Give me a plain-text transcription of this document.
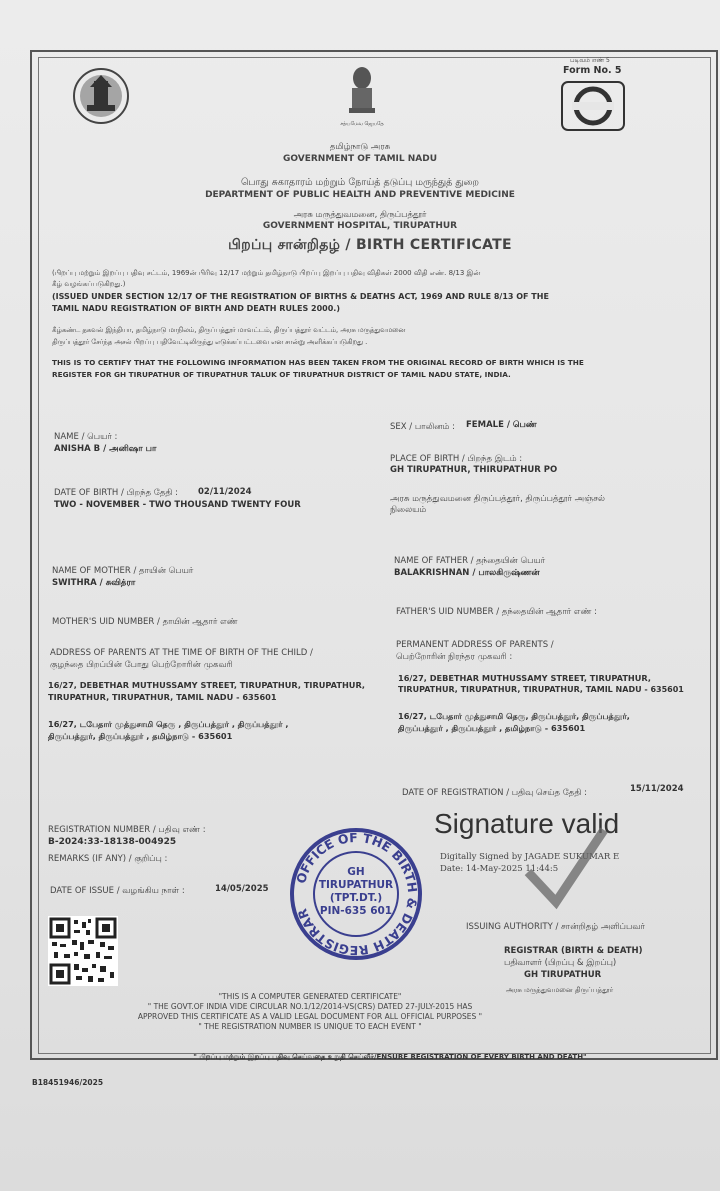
சத்யமேவ ஜெயதே
படிவம் எண் 5
Form No. 5
தமிழ்நாடு அரசு
GOVERNMENT OF TAMIL NADU
பொது சுகாதாரம் மற்றும் நோய்த் தடுப்பு மருந்துத் துறை
DEPARTMENT OF PUBLIC HEALTH AND PREVENTIVE MEDICINE
அரசு மருத்துவமனை, திருப்பத்தூர்
GOVERNMENT HOSPITAL, TIRUPATHUR
பிறப்பு சான்றிதழ் / BIRTH CERTIFICATE
(பிறப்பு மற்றும் இறப்பு பதிவு சட்டம், 1969ன் பிரிவு 12/17 மற்றும் தமிழ்நாடு பிறப்பு இறப்பு பதிவு விதிகள் 2000 விதி எண். 8/13 இன்
கீழ் வழங்கப்படுகிறது.)
(ISSUED UNDER SECTION 12/17 OF THE REGISTRATION OF BIRTHS & DEATHS ACT, 1969 AND RULE 8/13 OF THE
TAMIL NADU REGISTRATION OF BIRTH AND DEATH RULES 2000.)
கீழ்கண்ட தகவல் இந்தியா, தமிழ்நாடு மாநிலம், திருப்பத்தூர் மாவட்டம், திருப்பத்தூர் வட்டம், அரசு மருத்துவமனை
திருப்பத்தூர் சேர்ந்த அசல் பிறப்பு பதிவேட்டிலிருந்து எடுக்கப்பட்டவை என சான்று அளிக்கப்படுகிறது .
THIS IS TO CERTIFY THAT THE FOLLOWING INFORMATION HAS BEEN TAKEN FROM THE ORIGINAL RECORD OF BIRTH WHICH IS THE
REGISTER FOR GH TIRUPATHUR OF TIRUPATHUR TALUK OF TIRUPATHUR DISTRICT OF TAMIL NADU STATE, INDIA.
NAME / பெயர் :
ANISHA B / அனிஷா பா
SEX / பாலினம் : FEMALE / பெண்
PLACE OF BIRTH / பிறந்த இடம் :
GH TIRUPATHUR, THIRUPATHUR PO
அரசு மருத்துவமனை திருப்பத்தூர், திருப்பத்தூர் அஞ்சல்
நிலையம்
DATE OF BIRTH / பிறந்த தேதி : 02/11/2024
TWO - NOVEMBER - TWO THOUSAND TWENTY FOUR
NAME OF MOTHER / தாயின் பெயர்
SWITHRA / சுவித்ரா
NAME OF FATHER / தந்தையின் பெயர்
BALAKRISHNAN / பாலகிருஷ்ணன்
MOTHER'S UID NUMBER / தாயின் ஆதார் எண்
FATHER'S UID NUMBER / தந்தையின் ஆதார் எண் :
ADDRESS OF PARENTS AT THE TIME OF BIRTH OF THE CHILD /
குழந்தை பிறப்பின் போது பெற்றோரின் முகவரி
16/27, DEBETHAR MUTHUSSAMY STREET, TIRUPATHUR, TIRUPATHUR,
TIRUPATHUR, TIRUPATHUR, TAMIL NADU - 635601
16/27, டபேதார் முத்துசாமி தெரு , திருப்பத்தூர் , திருப்பத்தூர் ,
திருப்பத்தூர், திருப்பத்தூர் , தமிழ்நாடு - 635601
PERMANENT ADDRESS OF PARENTS /
பெற்றோரின் நிரந்தர முகவரி :
16/27, DEBETHAR MUTHUSSAMY STREET, TIRUPATHUR,
TIRUPATHUR, TIRUPATHUR, TIRUPATHUR, TAMIL NADU - 635601
16/27, டபேதார் முத்துசாமி தெரு, திருப்பத்தூர், திருப்பத்தூர்,
திருப்பத்தூர் , திருப்பத்தூர் , தமிழ்நாடு - 635601
DATE OF REGISTRATION / பதிவு செய்த தேதி :	15/11/2024
REGISTRATION NUMBER / பதிவு எண் :
B-2024:33-18138-004925
REMARKS (IF ANY) / குறிப்பு :
DATE OF ISSUE / வழங்கிய நாள் :	14/05/2025
OFFICE OF THE BIRTH & DEATH REGISTRAR
GH
TIRUPATHUR
(TPT.DT.)
PIN-635 601
Signature valid
Digitally Signed by JAGADE SUKUMAR E
Date: 14-May-2025 11:44:5
ISSUING AUTHORITY / சான்றிதழ் அளிப்பவர்
REGISTRAR (BIRTH & DEATH)
பதிவாளர் (பிறப்பு & இறப்பு)
GH TIRUPATHUR
அரசு மருத்துவமனை திருப்பத்தூர்
"THIS IS A COMPUTER GENERATED CERTIFICATE"
" THE GOVT.OF INDIA VIDE CIRCULAR NO.1/12/2014-VS(CRS) DATED 27-JULY-2015 HAS
APPROVED THIS CERTIFICATE AS A VALID LEGAL DOCUMENT FOR ALL OFFICIAL PURPOSES "
" THE REGISTRATION NUMBER IS UNIQUE TO EACH EVENT "
" பிறப்பு மற்றும் இறப்பு பதிவு செய்வதை உறுதி செய்வீர்/ENSURE REGISTRATION OF EVERY BIRTH AND DEATH"
B18451946/2025
